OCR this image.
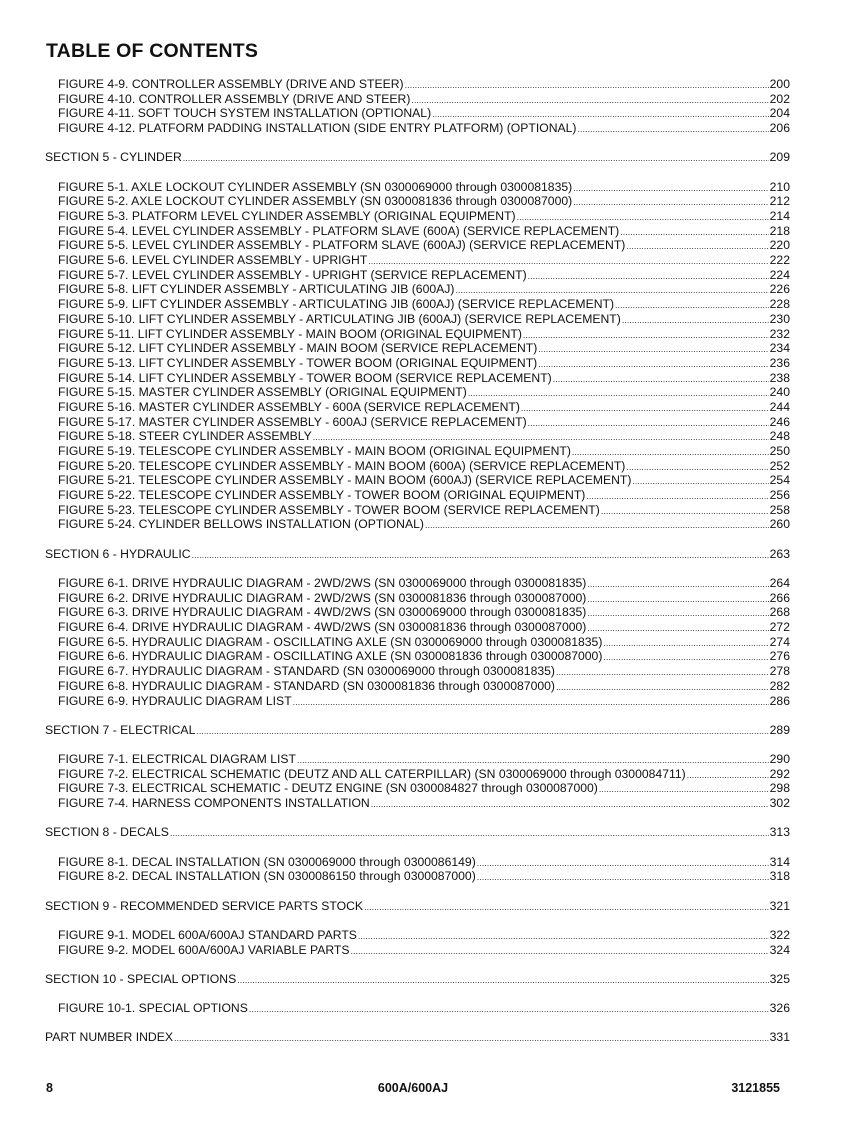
TABLE OF CONTENTS
FIGURE 4-9. CONTROLLER ASSEMBLY (DRIVE AND STEER) .....	200
FIGURE 4-10. CONTROLLER ASSEMBLY (DRIVE AND STEER) .....	202
FIGURE 4-11. SOFT TOUCH SYSTEM INSTALLATION (OPTIONAL) .....	204
FIGURE 4-12. PLATFORM PADDING INSTALLATION (SIDE ENTRY PLATFORM) (OPTIONAL) .....	206
SECTION 5 - CYLINDER .....	209
FIGURE 5-1. AXLE LOCKOUT CYLINDER ASSEMBLY (SN 0300069000 through 0300081835) .....	210
FIGURE 5-2. AXLE LOCKOUT CYLINDER ASSEMBLY (SN 0300081836 through 0300087000) .....	212
FIGURE 5-3. PLATFORM LEVEL CYLINDER ASSEMBLY (ORIGINAL EQUIPMENT) .....	214
FIGURE 5-4. LEVEL CYLINDER ASSEMBLY - PLATFORM SLAVE (600A) (SERVICE REPLACEMENT) .....	218
FIGURE 5-5. LEVEL CYLINDER ASSEMBLY - PLATFORM SLAVE (600AJ) (SERVICE REPLACEMENT) .....	220
FIGURE 5-6. LEVEL CYLINDER ASSEMBLY - UPRIGHT .....	222
FIGURE 5-7. LEVEL CYLINDER ASSEMBLY - UPRIGHT (SERVICE REPLACEMENT) .....	224
FIGURE 5-8. LIFT CYLINDER ASSEMBLY - ARTICULATING JIB (600AJ) .....	226
FIGURE 5-9. LIFT CYLINDER ASSEMBLY - ARTICULATING JIB (600AJ) (SERVICE REPLACEMENT) .....	228
FIGURE 5-10. LIFT CYLINDER ASSEMBLY - ARTICULATING JIB (600AJ) (SERVICE REPLACEMENT) .....	230
FIGURE 5-11. LIFT CYLINDER ASSEMBLY - MAIN BOOM (ORIGINAL EQUIPMENT) .....	232
FIGURE 5-12. LIFT CYLINDER ASSEMBLY - MAIN BOOM (SERVICE REPLACEMENT) .....	234
FIGURE 5-13. LIFT CYLINDER ASSEMBLY - TOWER BOOM (ORIGINAL EQUIPMENT) .....	236
FIGURE 5-14. LIFT CYLINDER ASSEMBLY - TOWER BOOM (SERVICE REPLACEMENT) .....	238
FIGURE 5-15. MASTER CYLINDER ASSEMBLY (ORIGINAL EQUIPMENT) .....	240
FIGURE 5-16. MASTER CYLINDER ASSEMBLY - 600A (SERVICE REPLACEMENT) .....	244
FIGURE 5-17. MASTER CYLINDER ASSEMBLY - 600AJ (SERVICE REPLACEMENT) .....	246
FIGURE 5-18. STEER CYLINDER ASSEMBLY .....	248
FIGURE 5-19. TELESCOPE CYLINDER ASSEMBLY - MAIN BOOM (ORIGINAL EQUIPMENT) .....	250
FIGURE 5-20. TELESCOPE CYLINDER ASSEMBLY - MAIN BOOM (600A) (SERVICE REPLACEMENT) .....	252
FIGURE 5-21. TELESCOPE CYLINDER ASSEMBLY - MAIN BOOM (600AJ) (SERVICE REPLACEMENT) .....	254
FIGURE 5-22. TELESCOPE CYLINDER ASSEMBLY - TOWER BOOM (ORIGINAL EQUIPMENT) .....	256
FIGURE 5-23. TELESCOPE CYLINDER ASSEMBLY - TOWER BOOM (SERVICE REPLACEMENT) .....	258
FIGURE 5-24. CYLINDER BELLOWS INSTALLATION (OPTIONAL) .....	260
SECTION 6 - HYDRAULIC .....	263
FIGURE 6-1. DRIVE HYDRAULIC DIAGRAM - 2WD/2WS (SN 0300069000 through 0300081835) .....	264
FIGURE 6-2. DRIVE HYDRAULIC DIAGRAM - 2WD/2WS (SN 0300081836 through 0300087000) .....	266
FIGURE 6-3. DRIVE HYDRAULIC DIAGRAM - 4WD/2WS (SN 0300069000 through 0300081835) .....	268
FIGURE 6-4. DRIVE HYDRAULIC DIAGRAM - 4WD/2WS (SN 0300081836 through 0300087000) .....	272
FIGURE 6-5. HYDRAULIC DIAGRAM - OSCILLATING AXLE (SN 0300069000 through 0300081835) .....	274
FIGURE 6-6. HYDRAULIC DIAGRAM - OSCILLATING AXLE (SN 0300081836 through 0300087000) .....	276
FIGURE 6-7. HYDRAULIC DIAGRAM - STANDARD (SN 0300069000 through 0300081835) .....	278
FIGURE 6-8. HYDRAULIC DIAGRAM - STANDARD (SN 0300081836 through 0300087000) .....	282
FIGURE 6-9. HYDRAULIC DIAGRAM LIST .....	286
SECTION 7 - ELECTRICAL .....	289
FIGURE 7-1. ELECTRICAL DIAGRAM LIST .....	290
FIGURE 7-2. ELECTRICAL SCHEMATIC (DEUTZ AND ALL CATERPILLAR) (SN 0300069000 through 0300084711) .....	292
FIGURE 7-3. ELECTRICAL SCHEMATIC - DEUTZ ENGINE (SN 0300084827 through 0300087000) .....	298
FIGURE 7-4. HARNESS COMPONENTS INSTALLATION .....	302
SECTION 8 - DECALS .....	313
FIGURE 8-1. DECAL INSTALLATION (SN 0300069000 through 0300086149) .....	314
FIGURE 8-2. DECAL INSTALLATION (SN 0300086150 through 0300087000) .....	318
SECTION 9 - RECOMMENDED SERVICE PARTS STOCK .....	321
FIGURE 9-1. MODEL 600A/600AJ STANDARD PARTS .....	322
FIGURE 9-2. MODEL 600A/600AJ VARIABLE PARTS .....	324
SECTION 10 - SPECIAL OPTIONS .....	325
FIGURE 10-1. SPECIAL OPTIONS .....	326
PART NUMBER INDEX .....	331
8	600A/600AJ	3121855
